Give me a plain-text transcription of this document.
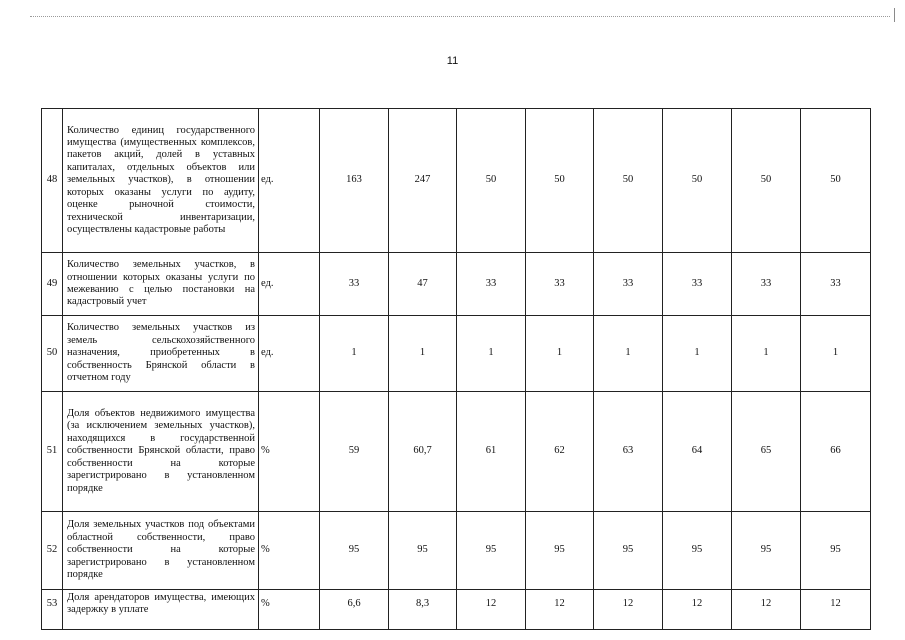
11
48	Количество единиц государственного имущества (имущественных комплексов, пакетов акций, долей в уставных капиталах, отдельных объектов или земельных участков), в отношении которых оказаны услуги по аудиту, оценке рыночной стоимости, технической инвентаризации, осуществлены кадастровые работы	ед.	163	247	50	50	50	50	50	50
49	Количество земельных участков, в отношении которых оказаны услуги по межеванию с целью постановки на кадастровый учет	ед.	33	47	33	33	33	33	33	33
50	Количество земельных участков из земель сельскохозяйственного назначения, приобретенных в собственность Брянской области в отчетном году	ед.	1	1	1	1	1	1	1	1
51	Доля объектов недвижимого имущества (за исключением земельных участков), находящихся в государственной собственности Брянской области, право собственности на которые зарегистрировано в установленном порядке	%	59	60,7	61	62	63	64	65	66
52	Доля земельных участков под объектами областной собственности, право собственности на которые зарегистрировано в установленном порядке	%	95	95	95	95	95	95	95	95
53	Доля арендаторов имущества, имеющих задержку в уплате	%	6,6	8,3	12	12	12	12	12	12
